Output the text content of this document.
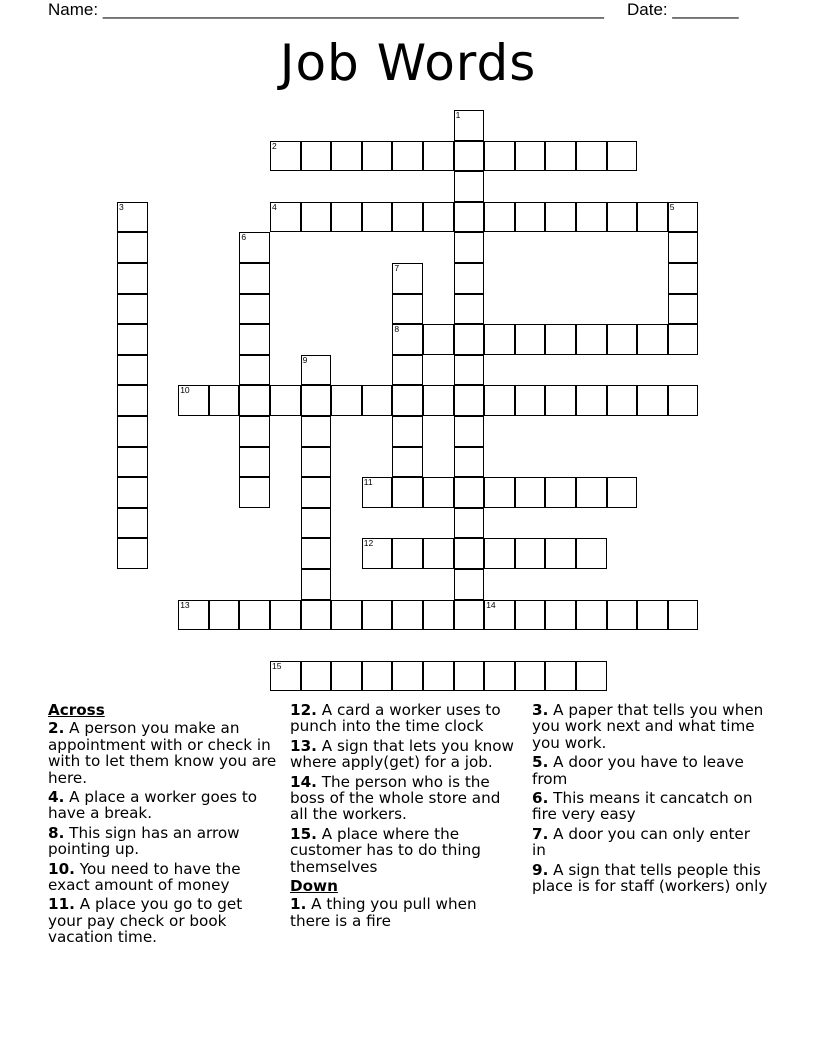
Name: _____________________________________________________ Date: _______
Job Words
1
2
3	4	5
6
7
8
9
10
11
12
13	14
15
Across
2. A person you make an appointment with or check in with to let them know you are here.
4. A place a worker goes to have a break.
8. This sign has an arrow pointing up.
10. You need to have the exact amount of money
11. A place you go to get your pay check or book vacation time.
12. A card a worker uses to punch into the time clock
13. A sign that lets you know where apply(get) for a job.
14. The person who is the boss of the whole store and all the workers.
15. A place where the customer has to do thing themselves
Down
1. A thing you pull when there is a fire
3. A paper that tells you when you work next and what time you work.
5. A door you have to leave from
6. This means it cancatch on fire very easy
7. A door you can only enter in
9. A sign that tells people this place is for staff (workers) only
